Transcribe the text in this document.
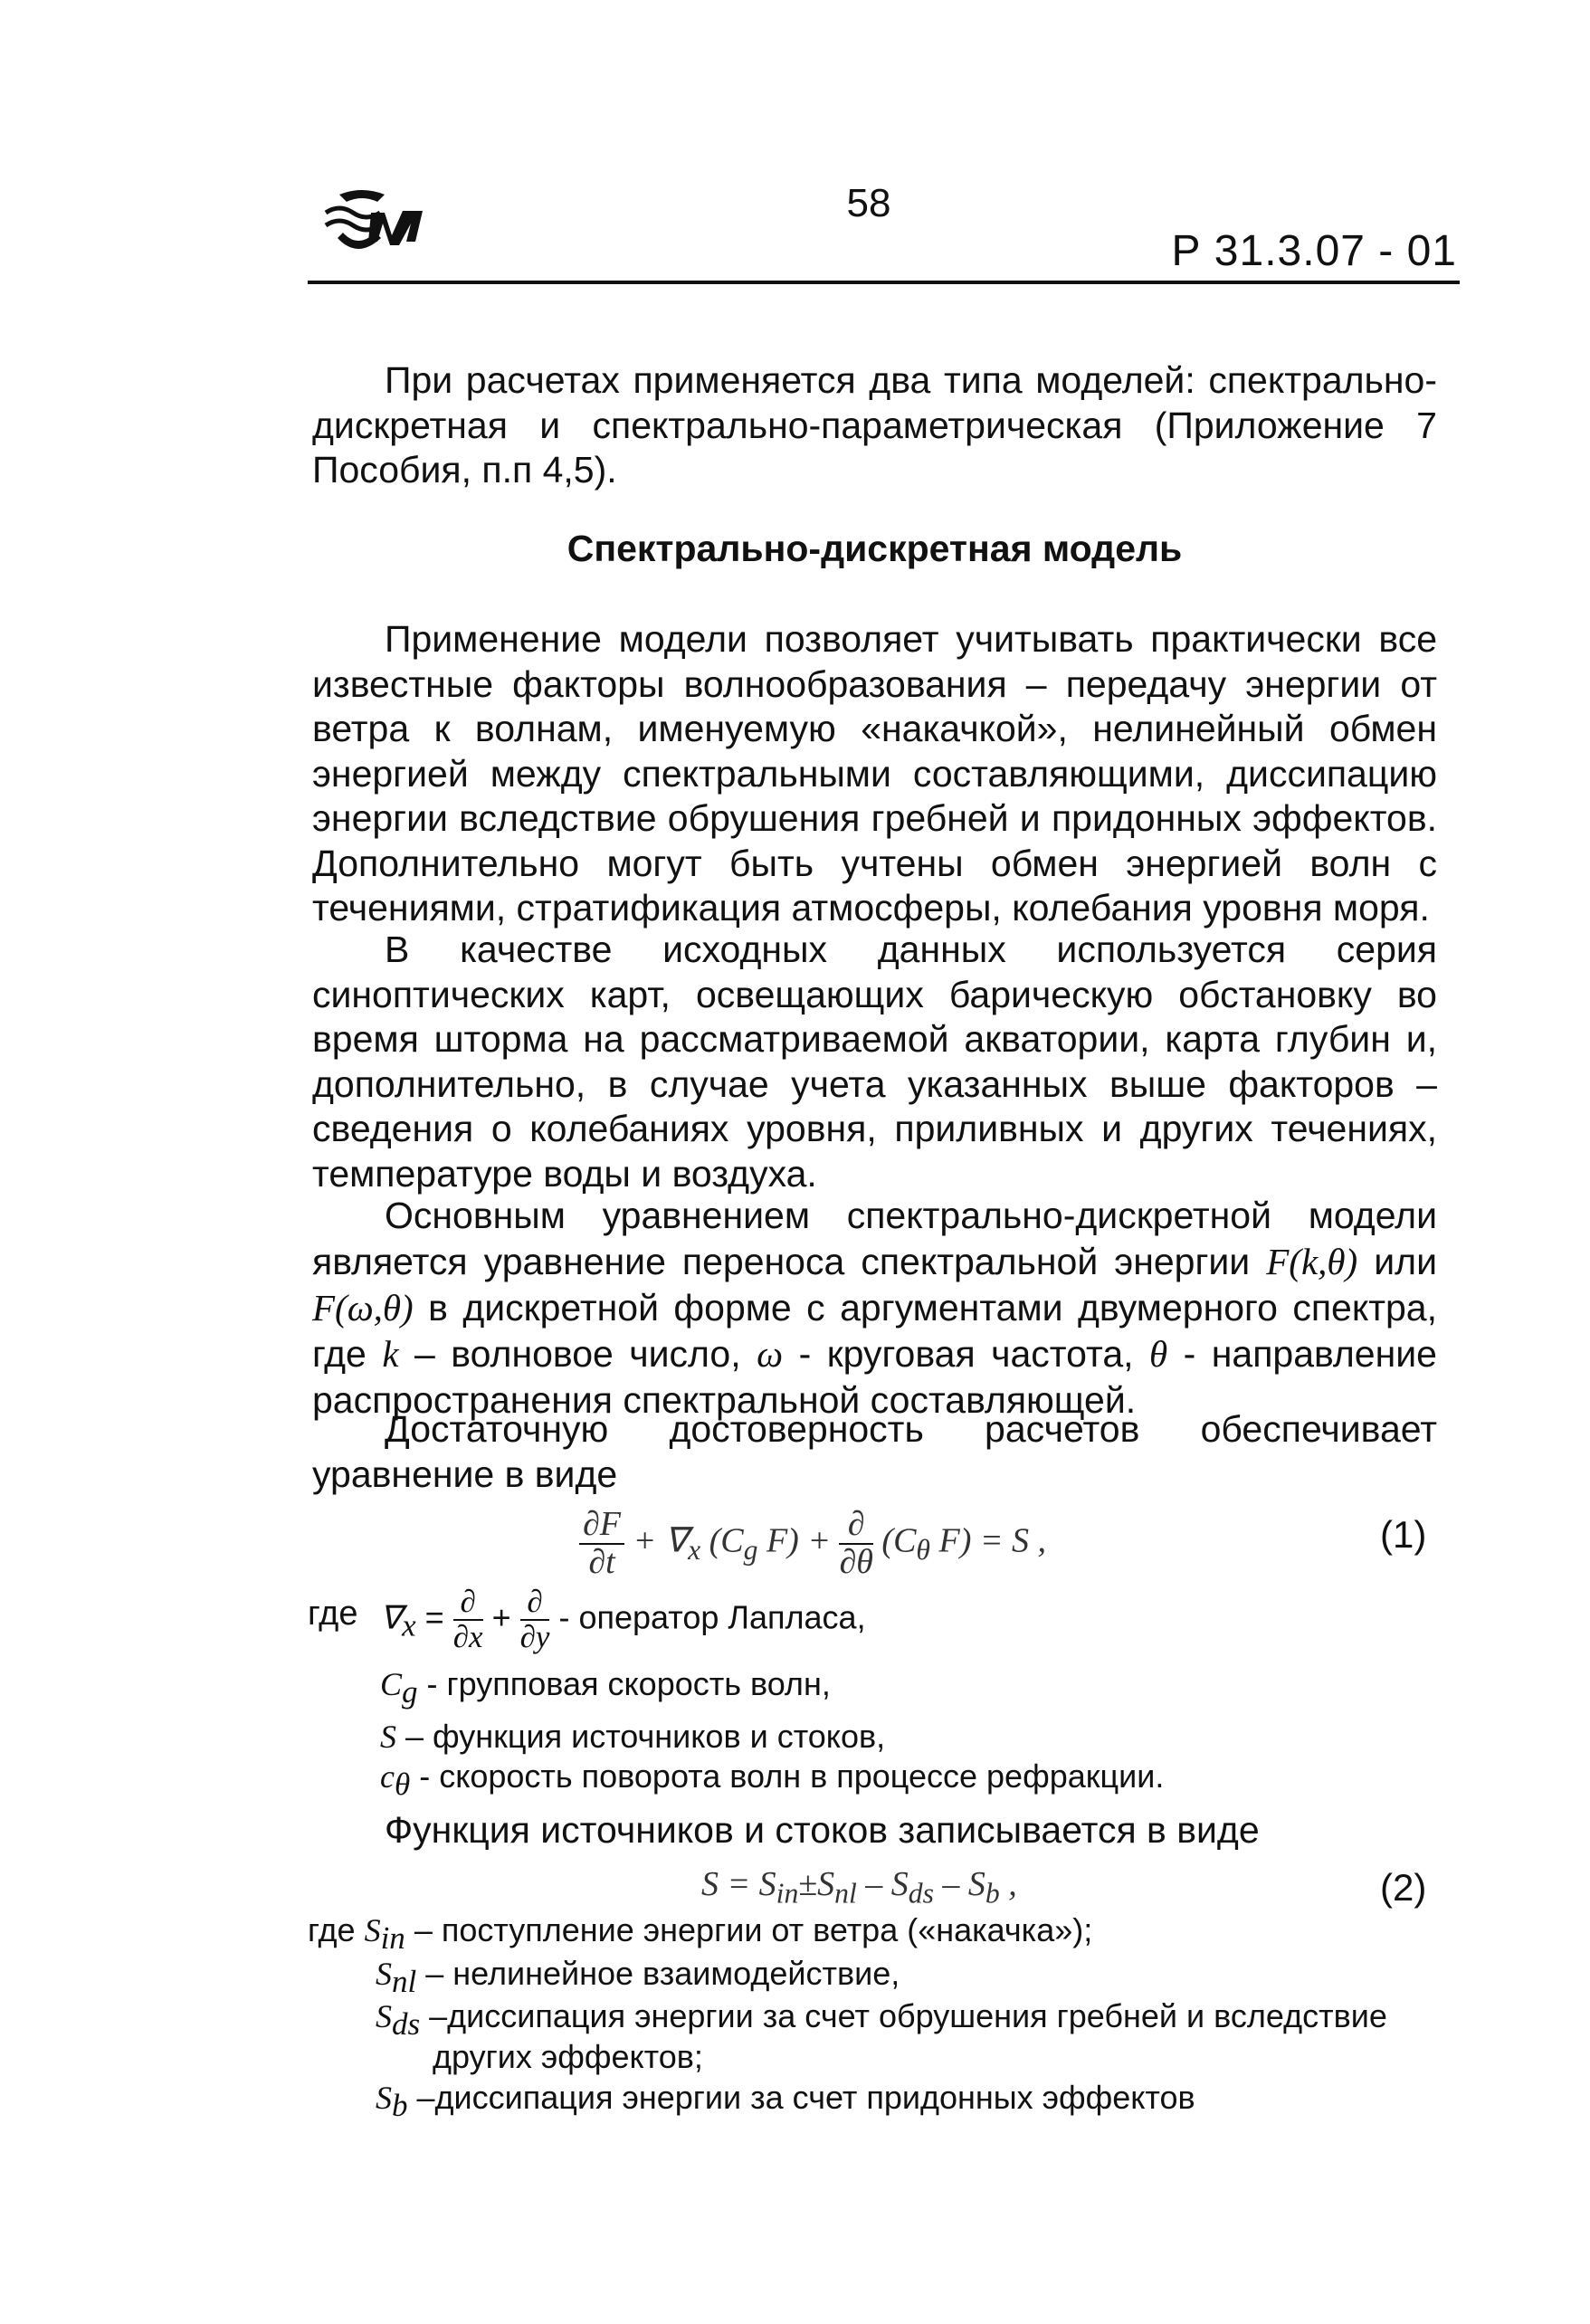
58
Р 31.3.07 - 01

При расчетах применяется два типа моделей: спектрально-дискретная и спектрально-параметрическая (Приложение 7 Пособия, п.п 4,5).

Спектрально-дискретная модель

Применение модели позволяет учитывать практически все известные факторы волнообразования – передачу энергии от ветра к волнам, именуемую «накачкой», нелинейный обмен энергией между спектральными составляющими, диссипацию энергии вследствие обрушения гребней и придонных эффектов. Дополнительно могут быть учтены обмен энергией волн с течениями, стратификация атмосферы, колебания уровня моря.

В качестве исходных данных используется серия синоптических карт, освещающих барическую обстановку во время шторма на рассматриваемой акватории, карта глубин и, дополнительно, в случае учета указанных выше факторов – сведения о колебаниях уровня, приливных и других течениях, температуре воды и воздуха.

Основным уравнением спектрально-дискретной модели является уравнение переноса спектральной энергии F(k,θ) или F(ω,θ) в дискретной форме с аргументами двумерного спектра, где k – волновое число, ω - круговая частота, θ - направление распространения спектральной составляющей.

Достаточную достоверность расчетов обеспечивает уравнение в виде

$\frac{\partial F}{\partial t} + \nabla_x$ ($C_g$ $F) + \frac{\partial}{\partial\theta} (C_\theta$ F) = S ,	(1)
где $\nabla_x = \frac{\partial}{\partial x} + \frac{\partial}{\partial y}$ - оператор Лапласа,
$C_g$ - групповая скорость волн,
S – функция источников и стоков,
$c_\theta$ - скорость поворота волн в процессе рефракции.

Функция источников и стоков записывается в виде

$S = S_{in}\pm S_{nl} - S_{ds} - S_b$ ,	(2)
где $S_{in}$ – поступление энергии от ветра («накачка»);
$S_{nl}$ – нелинейное взаимодействие,
$S_{ds}$ –диссипация энергии за счет обрушения гребней и вследствие
других эффектов;
$S_b$ –диссипация энергии за счет придонных эффектов
